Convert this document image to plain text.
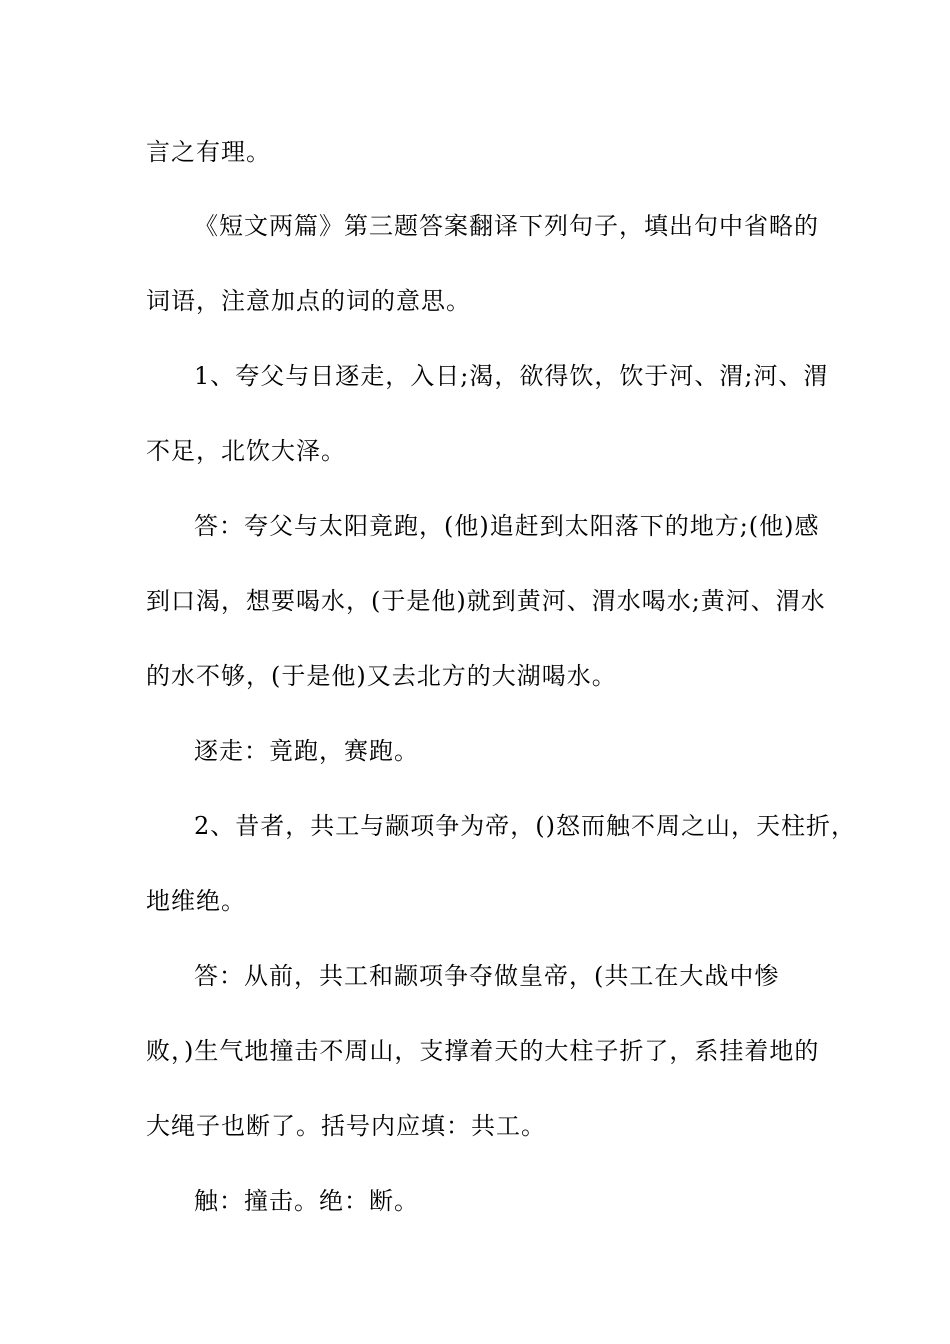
言之有理。
《短文两篇》第三题答案翻译下列句子，填出句中省略的
词语，注意加点的词的意思。
1、夸父与日逐走，入日;渴，欲得饮，饮于河、渭;河、渭
不足，北饮大泽。
答：夸父与太阳竟跑，(他)追赶到太阳落下的地方;(他)感
到口渴，想要喝水，(于是他)就到黄河、渭水喝水;黄河、渭水
的水不够，(于是他)又去北方的大湖喝水。
逐走：竟跑，赛跑。
2、昔者，共工与颛项争为帝，()怒而触不周之山，天柱折，
地维绝。
答：从前，共工和颛项争夺做皇帝，(共工在大战中惨
败，)生气地撞击不周山，支撑着天的大柱子折了，系挂着地的
大绳子也断了。括号内应填：共工。
触：撞击。绝：断。
